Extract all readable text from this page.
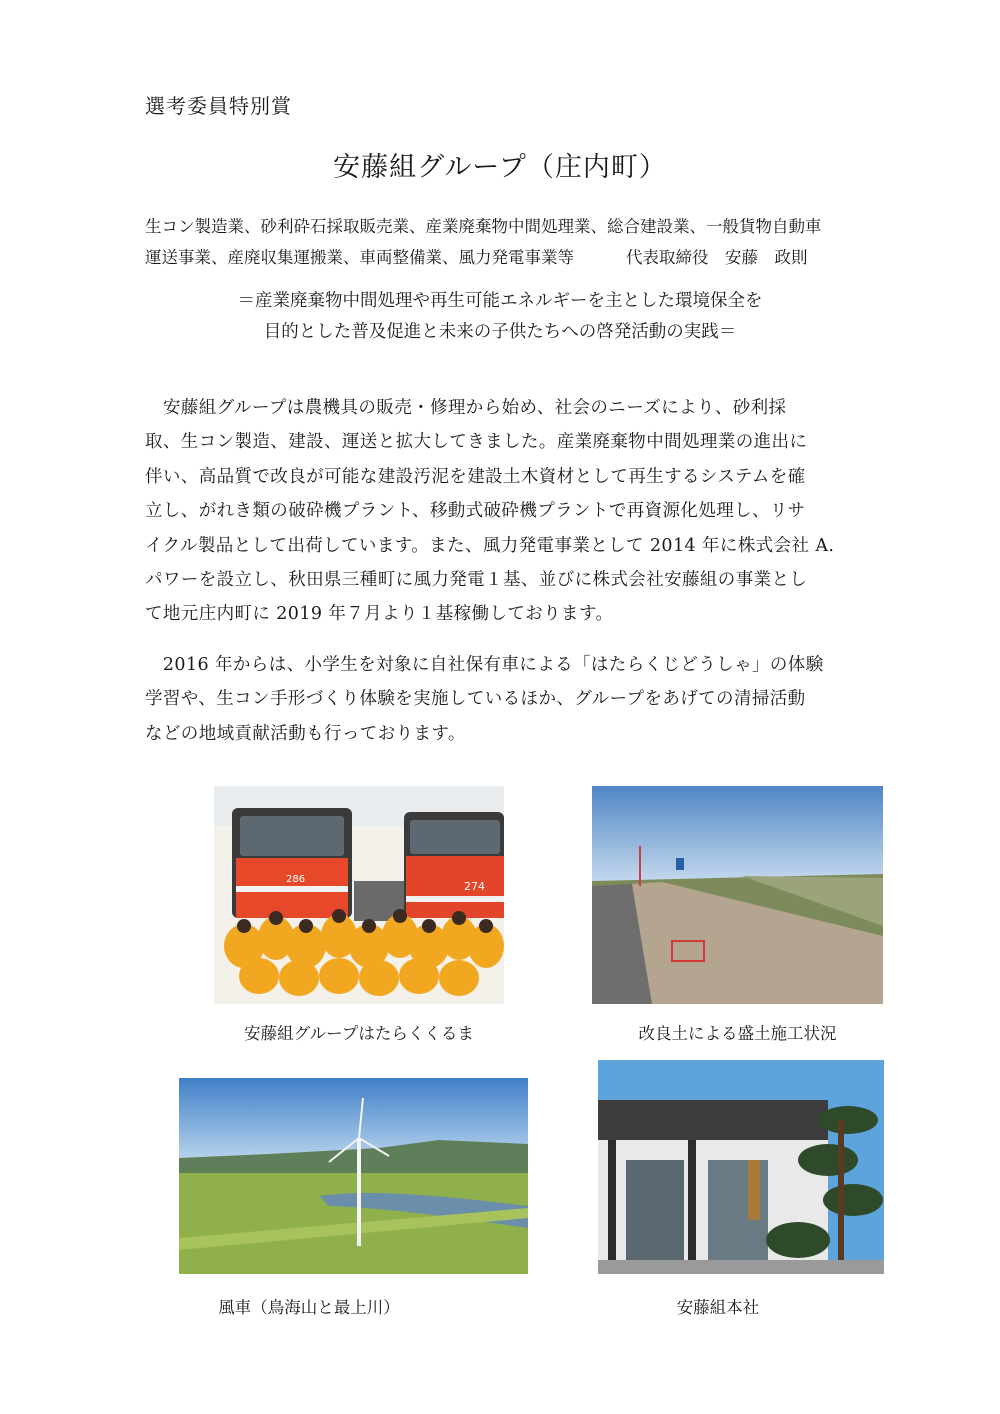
選考委員特別賞
安藤組グループ（庄内町）
生コン製造業、砂利砕石採取販売業、産業廃棄物中間処理業、総合建設業、一般貨物自動車
運送事業、産廃収集運搬業、車両整備業、風力発電事業等	代表取締役　安藤　政則
＝産業廃棄物中間処理や再生可能エネルギーを主とした環境保全を
目的とした普及促進と未来の子供たちへの啓発活動の実践＝
　安藤組グループは農機具の販売・修理から始め、社会のニーズにより、砂利採
取、生コン製造、建設、運送と拡大してきました。産業廃棄物中間処理業の進出に
伴い、高品質で改良が可能な建設汚泥を建設土木資材として再生するシステムを確
立し、がれき類の破砕機プラント、移動式破砕機プラントで再資源化処理し、リサ
イクル製品として出荷しています。また、風力発電事業として 2014 年に株式会社 A.
パワーを設立し、秋田県三種町に風力発電１基、並びに株式会社安藤組の事業とし
て地元庄内町に 2019 年７月より１基稼働しております。
　2016 年からは、小学生を対象に自社保有車による「はたらくじどうしゃ」の体験
学習や、生コン手形づくり体験を実施しているほか、グループをあげての清掃活動
などの地域貢献活動も行っております。
286
274
安藤組グループはたらくくるま	改良土による盛土施工状況
風車（鳥海山と最上川）	安藤組本社
